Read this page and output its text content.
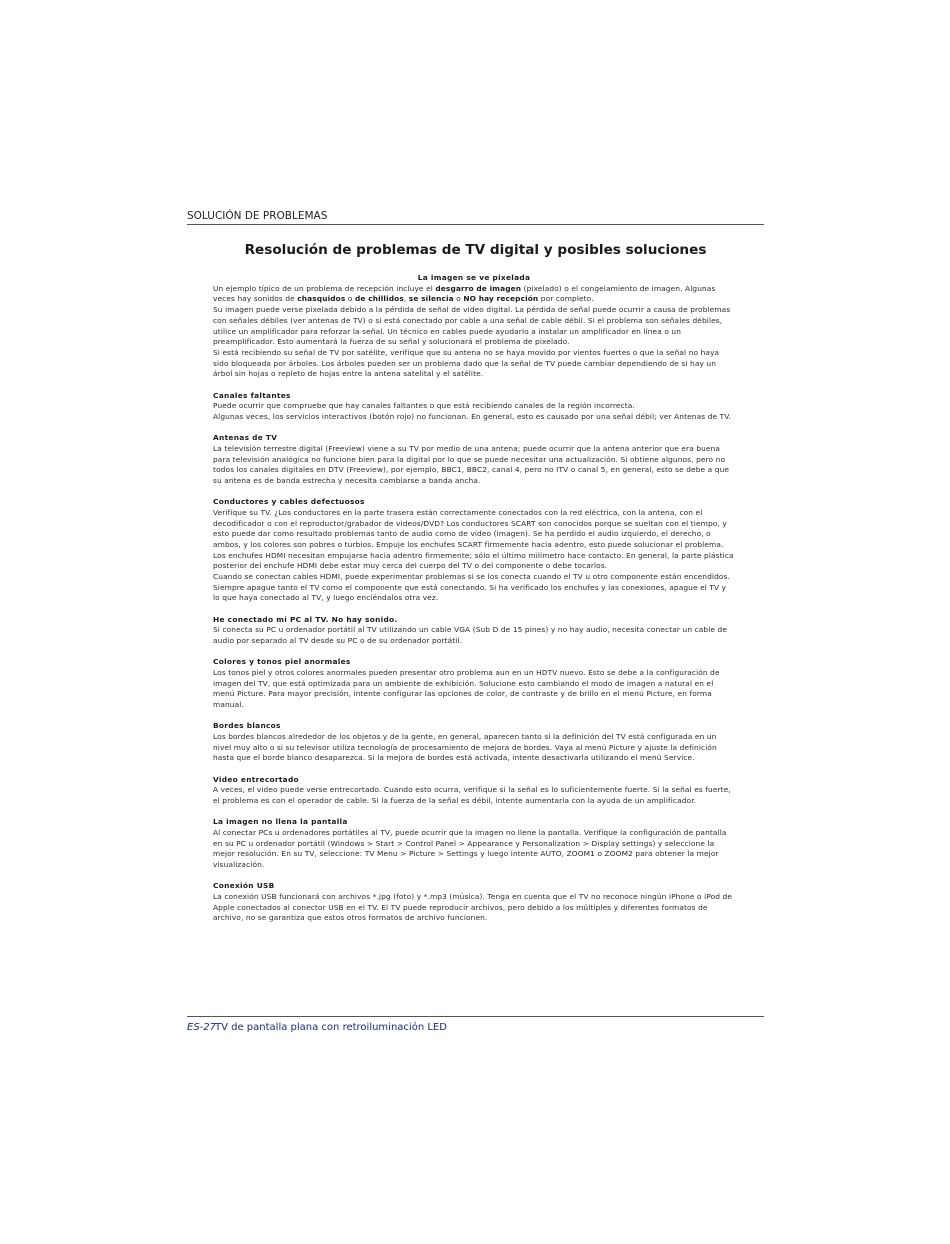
SOLUCIÓN DE PROBLEMAS
Resolución de problemas de TV digital y posibles soluciones
La imagen se ve pixelada
Un ejemplo típico de un problema de recepción incluye el desgarro de imagen (pixelado) o el congelamiento de imagen. Algunas veces hay sonidos de chasquidos o de chillidos, se silencia o NO hay recepción por completo.
Su imagen puede verse pixelada debido a la pérdida de señal de video digital. La pérdida de señal puede ocurrir a causa de problemas con señales débiles (ver antenas de TV) o si está conectado por cable a una señal de cable débil. Si el problema son señales débiles, utilice un amplificador para reforzar la señal. Un técnico en cables puede ayudarlo a instalar un amplificador en línea o un preamplificador. Esto aumentará la fuerza de su señal y solucionará el problema de pixelado.
Si está recibiendo su señal de TV por satélite, verifique que su antena no se haya movido por vientos fuertes o que la señal no haya sido bloqueada por árboles. Los árboles pueden ser un problema dado que la señal de TV puede cambiar dependiendo de si hay un árbol sin hojas o repleto de hojas entre la antena satelital y el satélite.
Canales faltantes
Puede ocurrir que compruebe que hay canales faltantes o que está recibiendo canales de la región incorrecta.
Algunas veces, los servicios interactivos (botón rojo) no funcionan. En general, esto es causado por una señal débil; ver Antenas de TV.
Antenas de TV
La televisión terrestre digital (Freeview) viene a su TV por medio de una antena; puede ocurrir que la antena anterior que era buena para televisión analógica no funcione bien para la digital por lo que se puede necesitar una actualización. Si obtiene algunos, pero no todos los canales digitales en DTV (Freeview), por ejemplo, BBC1, BBC2, canal 4, pero no ITV o canal 5, en general, esto se debe a que su antena es de banda estrecha y necesita cambiarse a banda ancha.
Conductores y cables defectuosos
Verifique su TV. ¿Los conductores en la parte trasera están correctamente conectados con la red eléctrica, con la antena, con el decodificador o con el reproductor/grabador de videos/DVD? Los conductores SCART son conocidos porque se sueltan con el tiempo, y esto puede dar como resultado problemas tanto de audio como de video (imagen). Se ha perdido el audio izquierdo, el derecho, o ambos, y los colores son pobres o turbios. Empuje los enchufes SCART firmemente hacia adentro, esto puede solucionar el problema.
Los enchufes HDMI necesitan empujarse hacia adentro firmemente; sólo el último milímetro hace contacto. En general, la parte plástica posterior del enchufe HDMI debe estar muy cerca del cuerpo del TV o del componente o debe tocarlos.
Cuando se conectan cables HDMI, puede experimentar problemas si se los conecta cuando el TV u otro componente están encendidos. Siempre apague tanto el TV como el componente que está conectando. Si ha verificado los enchufes y las conexiones, apague el TV y lo que haya conectado al TV, y luego enciéndalos otra vez.
He conectado mi PC al TV. No hay sonido.
Si conecta su PC u ordenador portátil al TV utilizando un cable VGA (Sub D de 15 pines) y no hay audio, necesita conectar un cable de audio por separado al TV desde su PC o de su ordenador portátil.
Colores y tonos piel anormales
Los tonos piel y otros colores anormales pueden presentar otro problema aun en un HDTV nuevo. Esto se debe a la configuración de imagen del TV, que está optimizada para un ambiente de exhibición. Solucione esto cambiando el modo de imagen a natural en el menú Picture. Para mayor precisión, intente configurar las opciones de color, de contraste y de brillo en el menú Picture, en forma manual.
Bordes blancos
Los bordes blancos alrededor de los objetos y de la gente, en general, aparecen tanto si la definición del TV está configurada en un nivel muy alto o si su televisor utiliza tecnología de procesamiento de mejora de bordes. Vaya al menú Picture y ajuste la definición hasta que el borde blanco desaparezca. Si la mejora de bordes está activada, intente desactivarla utilizando el menú Service.
Video entrecortado
A veces, el video puede verse entrecortado. Cuando esto ocurra, verifique si la señal es lo suficientemente fuerte. Si la señal es fuerte, el problema es con el operador de cable. Si la fuerza de la señal es débil, intente aumentarla con la ayuda de un amplificador.
La imagen no llena la pantalla
Al conectar PCs u ordenadores portátiles al TV, puede ocurrir que la imagen no llene la pantalla. Verifique la configuración de pantalla en su PC u ordenador portátil (Windows > Start > Control Panel > Appearance y Personalization > Display settings) y seleccione la mejor resolución. En su TV, seleccione: TV Menu > Picture > Settings y luego intente AUTO, ZOOM1 o ZOOM2 para obtener la mejor visualización.
Conexión USB
La conexión USB funcionará con archivos *.jpg (foto) y *.mp3 (música). Tenga en cuenta que el TV no reconoce ningún iPhone o iPod de Apple conectados al conector USB en el TV. El TV puede reproducir archivos, pero debido a los múltiples y diferentes formatos de archivo, no se garantiza que estos otros formatos de archivo funcionen.
ES-27 TV de pantalla plana con retroiluminación LED
